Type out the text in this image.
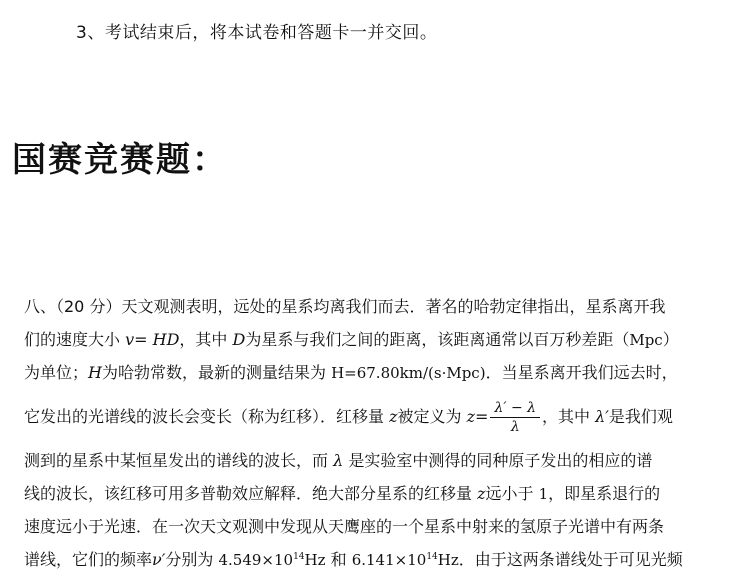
3、考试结束后，将本试卷和答题卡一并交回。
国赛竞赛题：
八、（20 分）天文观测表明，远处的星系均离我们而去．著名的哈勃定律指出，星系离开我
们的速度大小 v= HD，其中 D为星系与我们之间的距离，该距离通常以百万秒差距（Mpc）
为单位；H为哈勃常数，最新的测量结果为 H=67.80km/(s·Mpc)．当星系离开我们远去时，
它发出的光谱线的波长会变长（称为红移）．红移量 z被定义为 $z= \frac{\lambda' - \lambda}{\lambda}$ ，其中 λ′是我们观
测到的星系中某恒星发出的谱线的波长，而 λ 是实验室中测得的同种原子发出的相应的谱
线的波长，该红移可用多普勒效应解释．绝大部分星系的红移量 z远小于 1，即星系退行的
速度远小于光速．在一次天文观测中发现从天鹰座的一个星系中射来的氢原子光谱中有两条
谱线，它们的频率ν′分别为 $4.549\times 10^{14}Hz$ 和 $6.141\times 10^{14}Hz$．由于这两条谱线处于可见光频
